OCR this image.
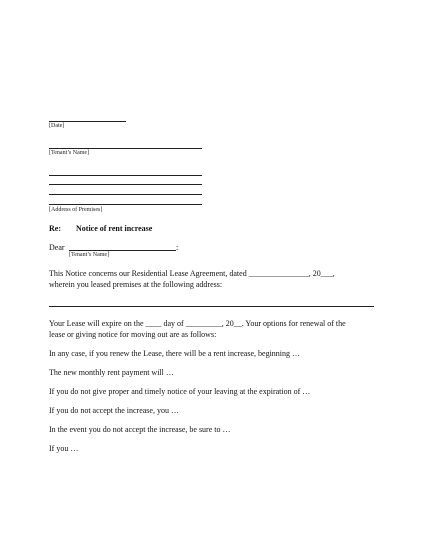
[Date]
[Tenant’s Name]
[Address of Premises]
Re: Notice of rent increase
Dear	:
[Tenant’s Name]
This Notice concerns our Residential Lease Agreement, dated _______________, 20___,
wherein you leased premises at the following address:
Your Lease will expire on the ____ day of _________, 20__. Your options for renewal of the
lease or giving notice for moving out are as follows:
In any case, if you renew the Lease, there will be a rent increase, beginning …
The new monthly rent payment will …
If you do not give proper and timely notice of your leaving at the expiration of …
If you do not accept the increase, you …
In the event you do not accept the increase, be sure to …
If you …
